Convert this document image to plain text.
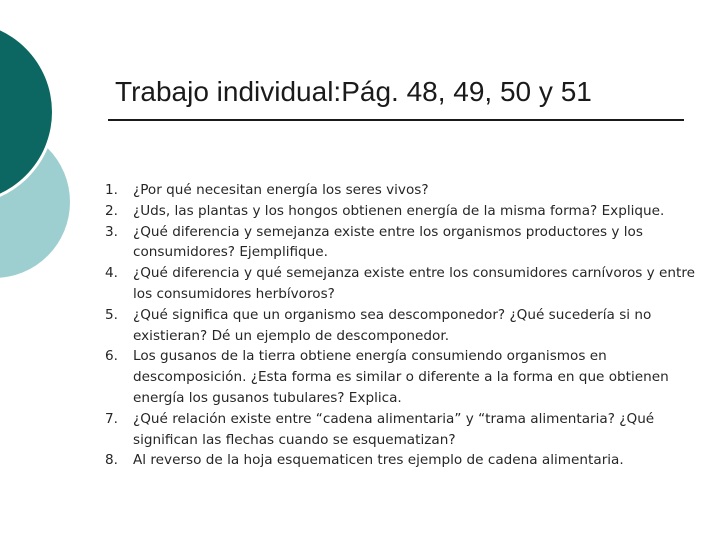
Trabajo individual:Pág. 48, 49, 50 y 51
1. ¿Por qué necesitan energía los seres vivos?
2. ¿Uds, las plantas y los hongos obtienen energía de la misma forma? Explique.
3. ¿Qué diferencia y semejanza existe entre los organismos productores y los consumidores? Ejemplifique.
4. ¿Qué diferencia y qué semejanza existe entre los consumidores carnívoros y entre los consumidores herbívoros?
5. ¿Qué significa que un organismo sea descomponedor? ¿Qué sucedería si no existieran? Dé un ejemplo de descomponedor.
6. Los gusanos de la tierra obtiene energía consumiendo organismos en descomposición. ¿Esta forma es similar o diferente a la forma en que obtienen energía los gusanos tubulares? Explica.
7. ¿Qué relación existe entre “cadena alimentaria” y “trama alimentaria? ¿Qué significan las flechas cuando se esquematizan?
8. Al reverso de la hoja esquematicen tres ejemplo de cadena alimentaria.
